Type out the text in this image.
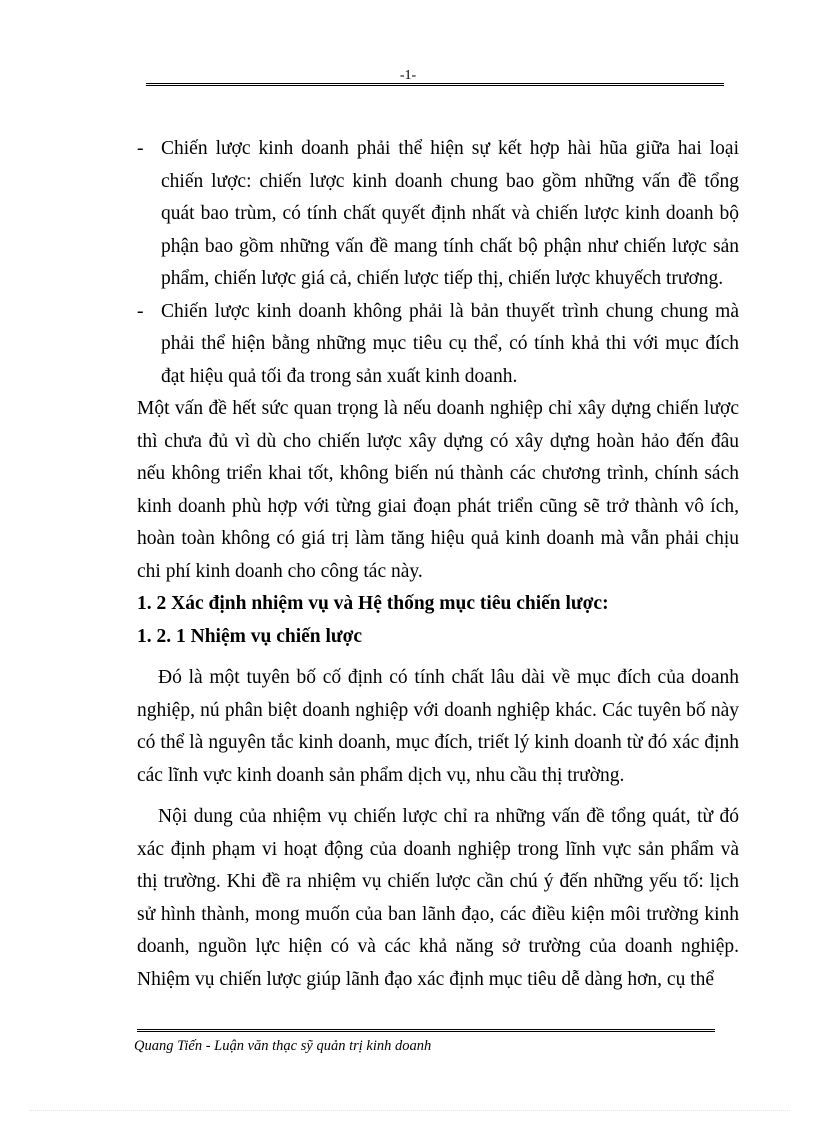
-1-
- Chiến lược kinh doanh phải thể hiện sự kết hợp hài hũa giữa hai loại chiến lược: chiến lược kinh doanh chung bao gồm những vấn đề tổng quát bao trùm, có tính chất quyết định nhất và chiến lược kinh doanh bộ phận bao gồm những vấn đề mang tính chất bộ phận như chiến lược sản phẩm, chiến lược giá cả, chiến lược tiếp thị, chiến lược khuyếch trương.
- Chiến lược kinh doanh không phải là bản thuyết trình chung chung mà phải thể hiện bằng những mục tiêu cụ thể, có tính khả thi với mục đích đạt hiệu quả tối đa trong sản xuất kinh doanh.

Một vấn đề hết sức quan trọng là nếu doanh nghiệp chỉ xây dựng chiến lược thì chưa đủ vì dù cho chiến lược xây dựng có xây dựng hoàn hảo đến đâu nếu không triển khai tốt, không biến nú thành các chương trình, chính sách kinh doanh phù hợp với từng giai đoạn phát triển cũng sẽ trở thành vô ích, hoàn toàn không có giá trị làm tăng hiệu quả kinh doanh mà vẫn phải chịu chi phí kinh doanh cho công tác này.

1. 2 Xác định nhiệm vụ và Hệ thống mục tiêu chiến lược:

1. 2. 1 Nhiệm vụ chiến lược

Đó là một tuyên bố cố định có tính chất lâu dài về mục đích của doanh nghiệp, nú phân biệt doanh nghiệp với doanh nghiệp khác. Các tuyên bố này có thể là nguyên tắc kinh doanh, mục đích, triết lý kinh doanh từ đó xác định các lĩnh vực kinh doanh sản phẩm dịch vụ, nhu cầu thị trường.

Nội dung của nhiệm vụ chiến lược chỉ ra những vấn đề tổng quát, từ đó xác định phạm vi hoạt động của doanh nghiệp trong lĩnh vực sản phẩm và thị trường. Khi đề ra nhiệm vụ chiến lược cần chú ý đến những yếu tố: lịch sử hình thành, mong muốn của ban lãnh đạo, các điều kiện môi trường kinh doanh, nguồn lực hiện có và các khả năng sở trường của doanh nghiệp. Nhiệm vụ chiến lược giúp lãnh đạo xác định mục tiêu dễ dàng hơn, cụ thể

Quang Tiến - Luận văn thạc sỹ quản trị kinh doanh
